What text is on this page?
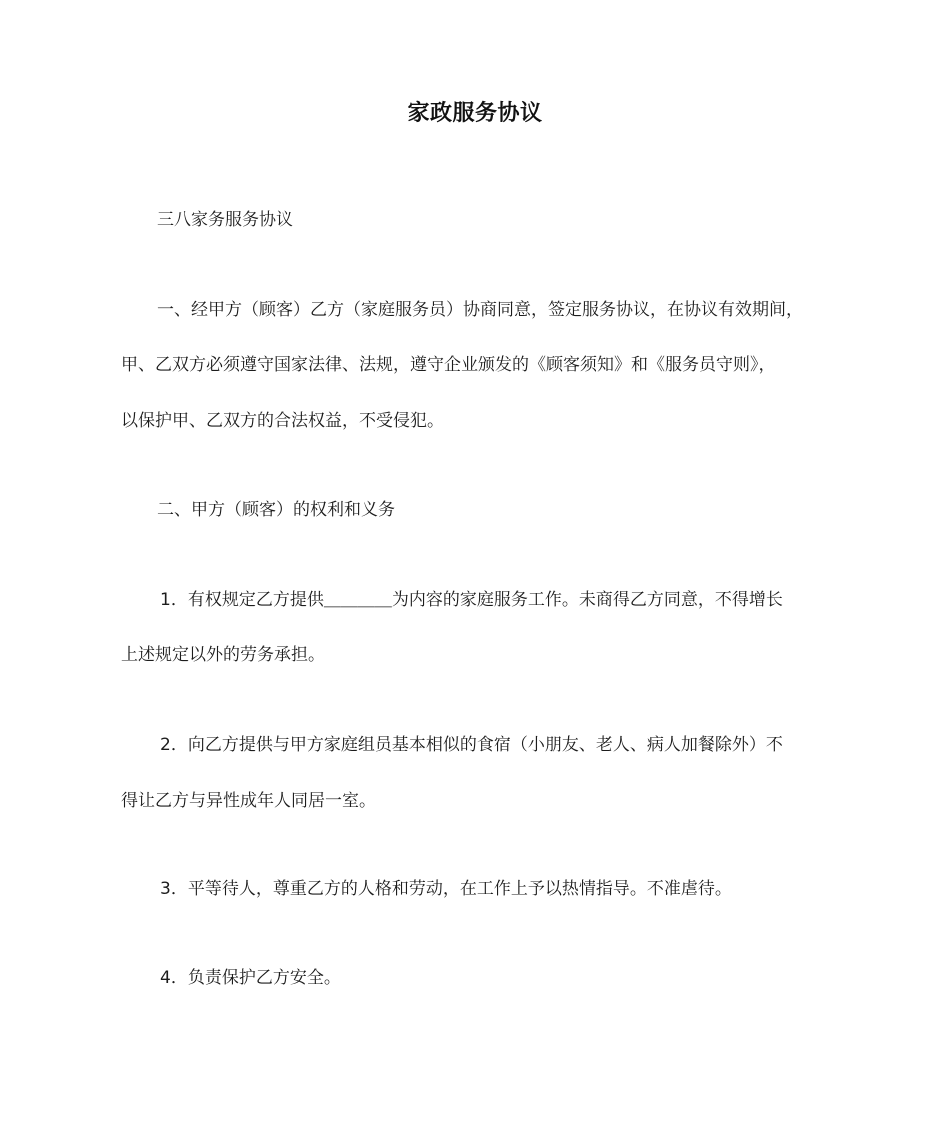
家政服务协议
三八家务服务协议
一、经甲方（顾客）乙方（家庭服务员）协商同意，签定服务协议，在协议有效期间，
甲、乙双方必须遵守国家法律、法规，遵守企业颁发的《顾客须知》和《服务员守则》，
以保护甲、乙双方的合法权益，不受侵犯。
二、甲方（顾客）的权利和义务
1．有权规定乙方提供＿＿＿＿为内容的家庭服务工作。未商得乙方同意，不得增长
上述规定以外的劳务承担。
2．向乙方提供与甲方家庭组员基本相似的食宿（小朋友、老人、病人加餐除外）不
得让乙方与异性成年人同居一室。
3．平等待人，尊重乙方的人格和劳动，在工作上予以热情指导。不准虐待。
4．负责保护乙方安全。
